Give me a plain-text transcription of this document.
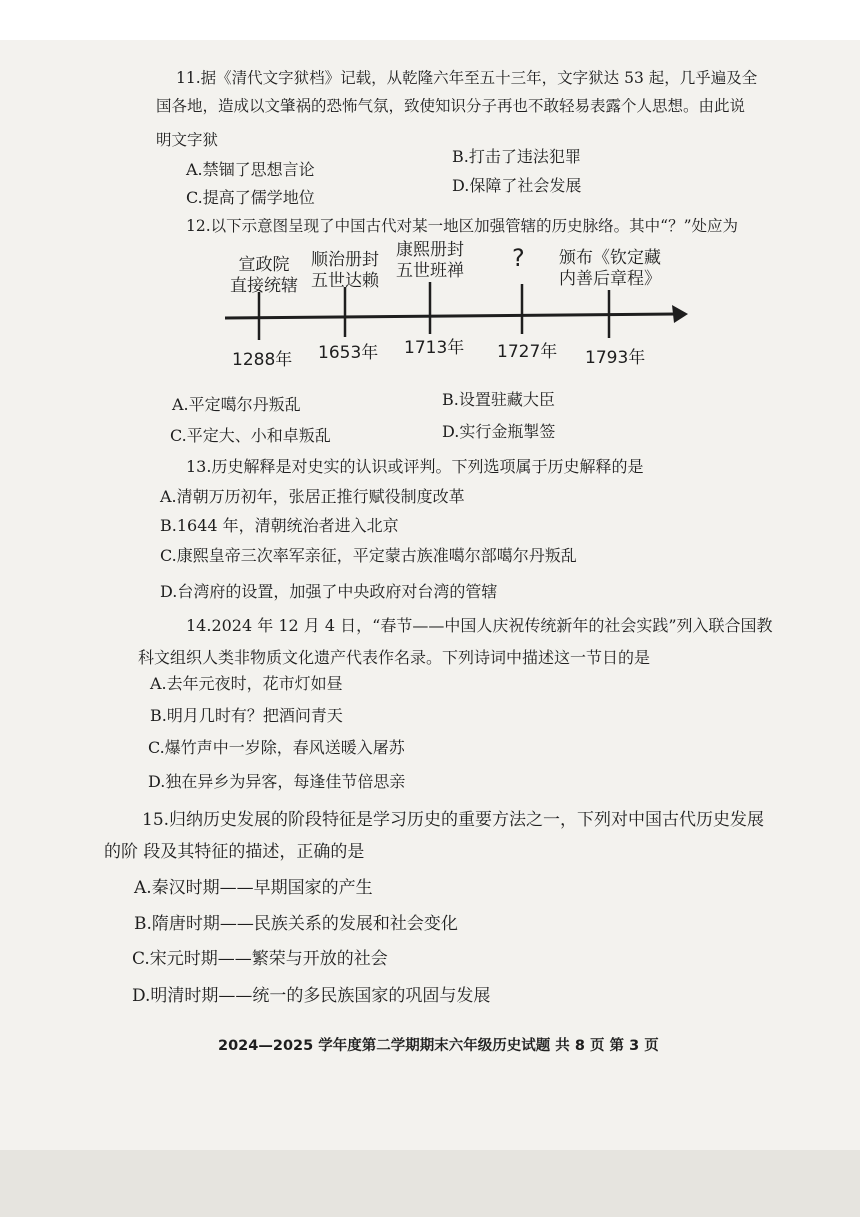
11.据《清代文字狱档》记载，从乾隆六年至五十三年，文字狱达 53 起，几乎遍及全
国各地，造成以文肇祸的恐怖气氛，致使知识分子再也不敢轻易表露个人思想。由此说
明文字狱
A.禁锢了思想言论
B.打击了违法犯罪
C.提高了儒学地位
D.保障了社会发展
12.以下示意图呈现了中国古代对某一地区加强管辖的历史脉络。其中“？”处应为
宣政院
直接统辖
顺治册封
五世达赖
康熙册封
五世班禅 ? 颁布《钦定藏
内善后章程》
1288年 1653年 1713年 1727年 1793年
A.平定噶尔丹叛乱	B.设置驻藏大臣
C.平定大、小和卓叛乱	D.实行金瓶掣签
13.历史解释是对史实的认识或评判。下列选项属于历史解释的是
A.清朝万历初年，张居正推行赋役制度改革
B.1644 年，清朝统治者进入北京
C.康熙皇帝三次率军亲征，平定蒙古族准噶尔部噶尔丹叛乱
D.台湾府的设置，加强了中央政府对台湾的管辖
14.2024 年 12 月 4 日，“春节——中国人庆祝传统新年的社会实践”列入联合国教
科文组织人类非物质文化遗产代表作名录。下列诗词中描述这一节日的是
A.去年元夜时，花市灯如昼
B.明月几时有？把酒问青天
C.爆竹声中一岁除，春风送暖入屠苏
D.独在异乡为异客，每逢佳节倍思亲
15.归纳历史发展的阶段特征是学习历史的重要方法之一，下列对中国古代历史发展
的阶 段及其特征的描述，正确的是
A.秦汉时期——早期国家的产生
B.隋唐时期——民族关系的发展和社会变化
C.宋元时期——繁荣与开放的社会
D.明清时期——统一的多民族国家的巩固与发展
2024—2025 学年度第二学期期末六年级历史试题 共 8 页 第 3 页
